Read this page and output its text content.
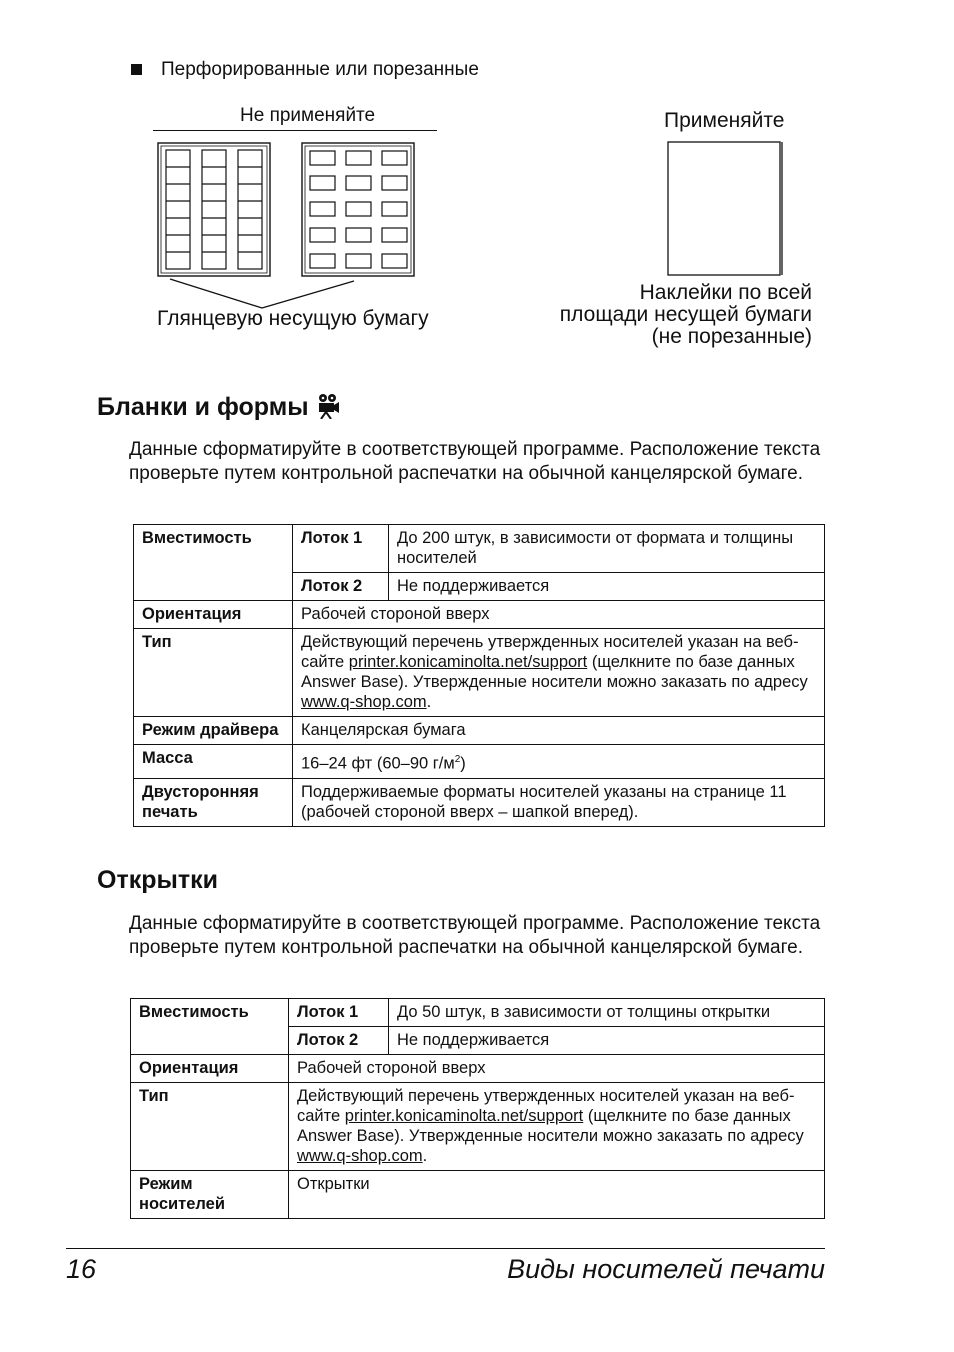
Перфорированные или порезанные
Не применяйте	Применяйте
Глянцевую несущую бумагу
Наклейки по всей
площади несущей бумаги
(не порезанные)
Бланки и формы
Данные сформатируйте в соответствующей программе. Расположение текста проверьте путем контрольной распечатки на обычной канцелярской бумаге.
Вместимость	Лоток 1	До 200 штук, в зависимости от формата и толщины носителей
	Лоток 2	Не поддерживается
Ориентация	Рабочей стороной вверх	
Тип	Действующий перечень утвержденных носителей указан на веб-сайте printer.konicaminolta.net/support (щелкните по базе данных Answer Base). Утвержденные носители можно заказать по адресу www.q-shop.com.	
Режим драйвера	Канцелярская бумага	
Масса	16–24 фт (60–90 $г/м^2$)	
Двусторонняя печать	Поддерживаемые форматы носителей указаны на странице 11 (рабочей стороной вверх – шапкой вперед).	
Открытки
Данные сформатируйте в соответствующей программе. Расположение текста проверьте путем контрольной распечатки на обычной канцелярской бумаге.
Вместимость	Лоток 1	До 50 штук, в зависимости от толщины открытки
	Лоток 2	Не поддерживается
Ориентация	Рабочей стороной вверх	
Тип	Действующий перечень утвержденных носителей указан на веб-сайте printer.konicaminolta.net/support (щелкните по базе данных Answer Base). Утвержденные носители можно заказать по адресу www.q-shop.com.	
Режим носителей	Открытки	
16	Виды носителей печати
